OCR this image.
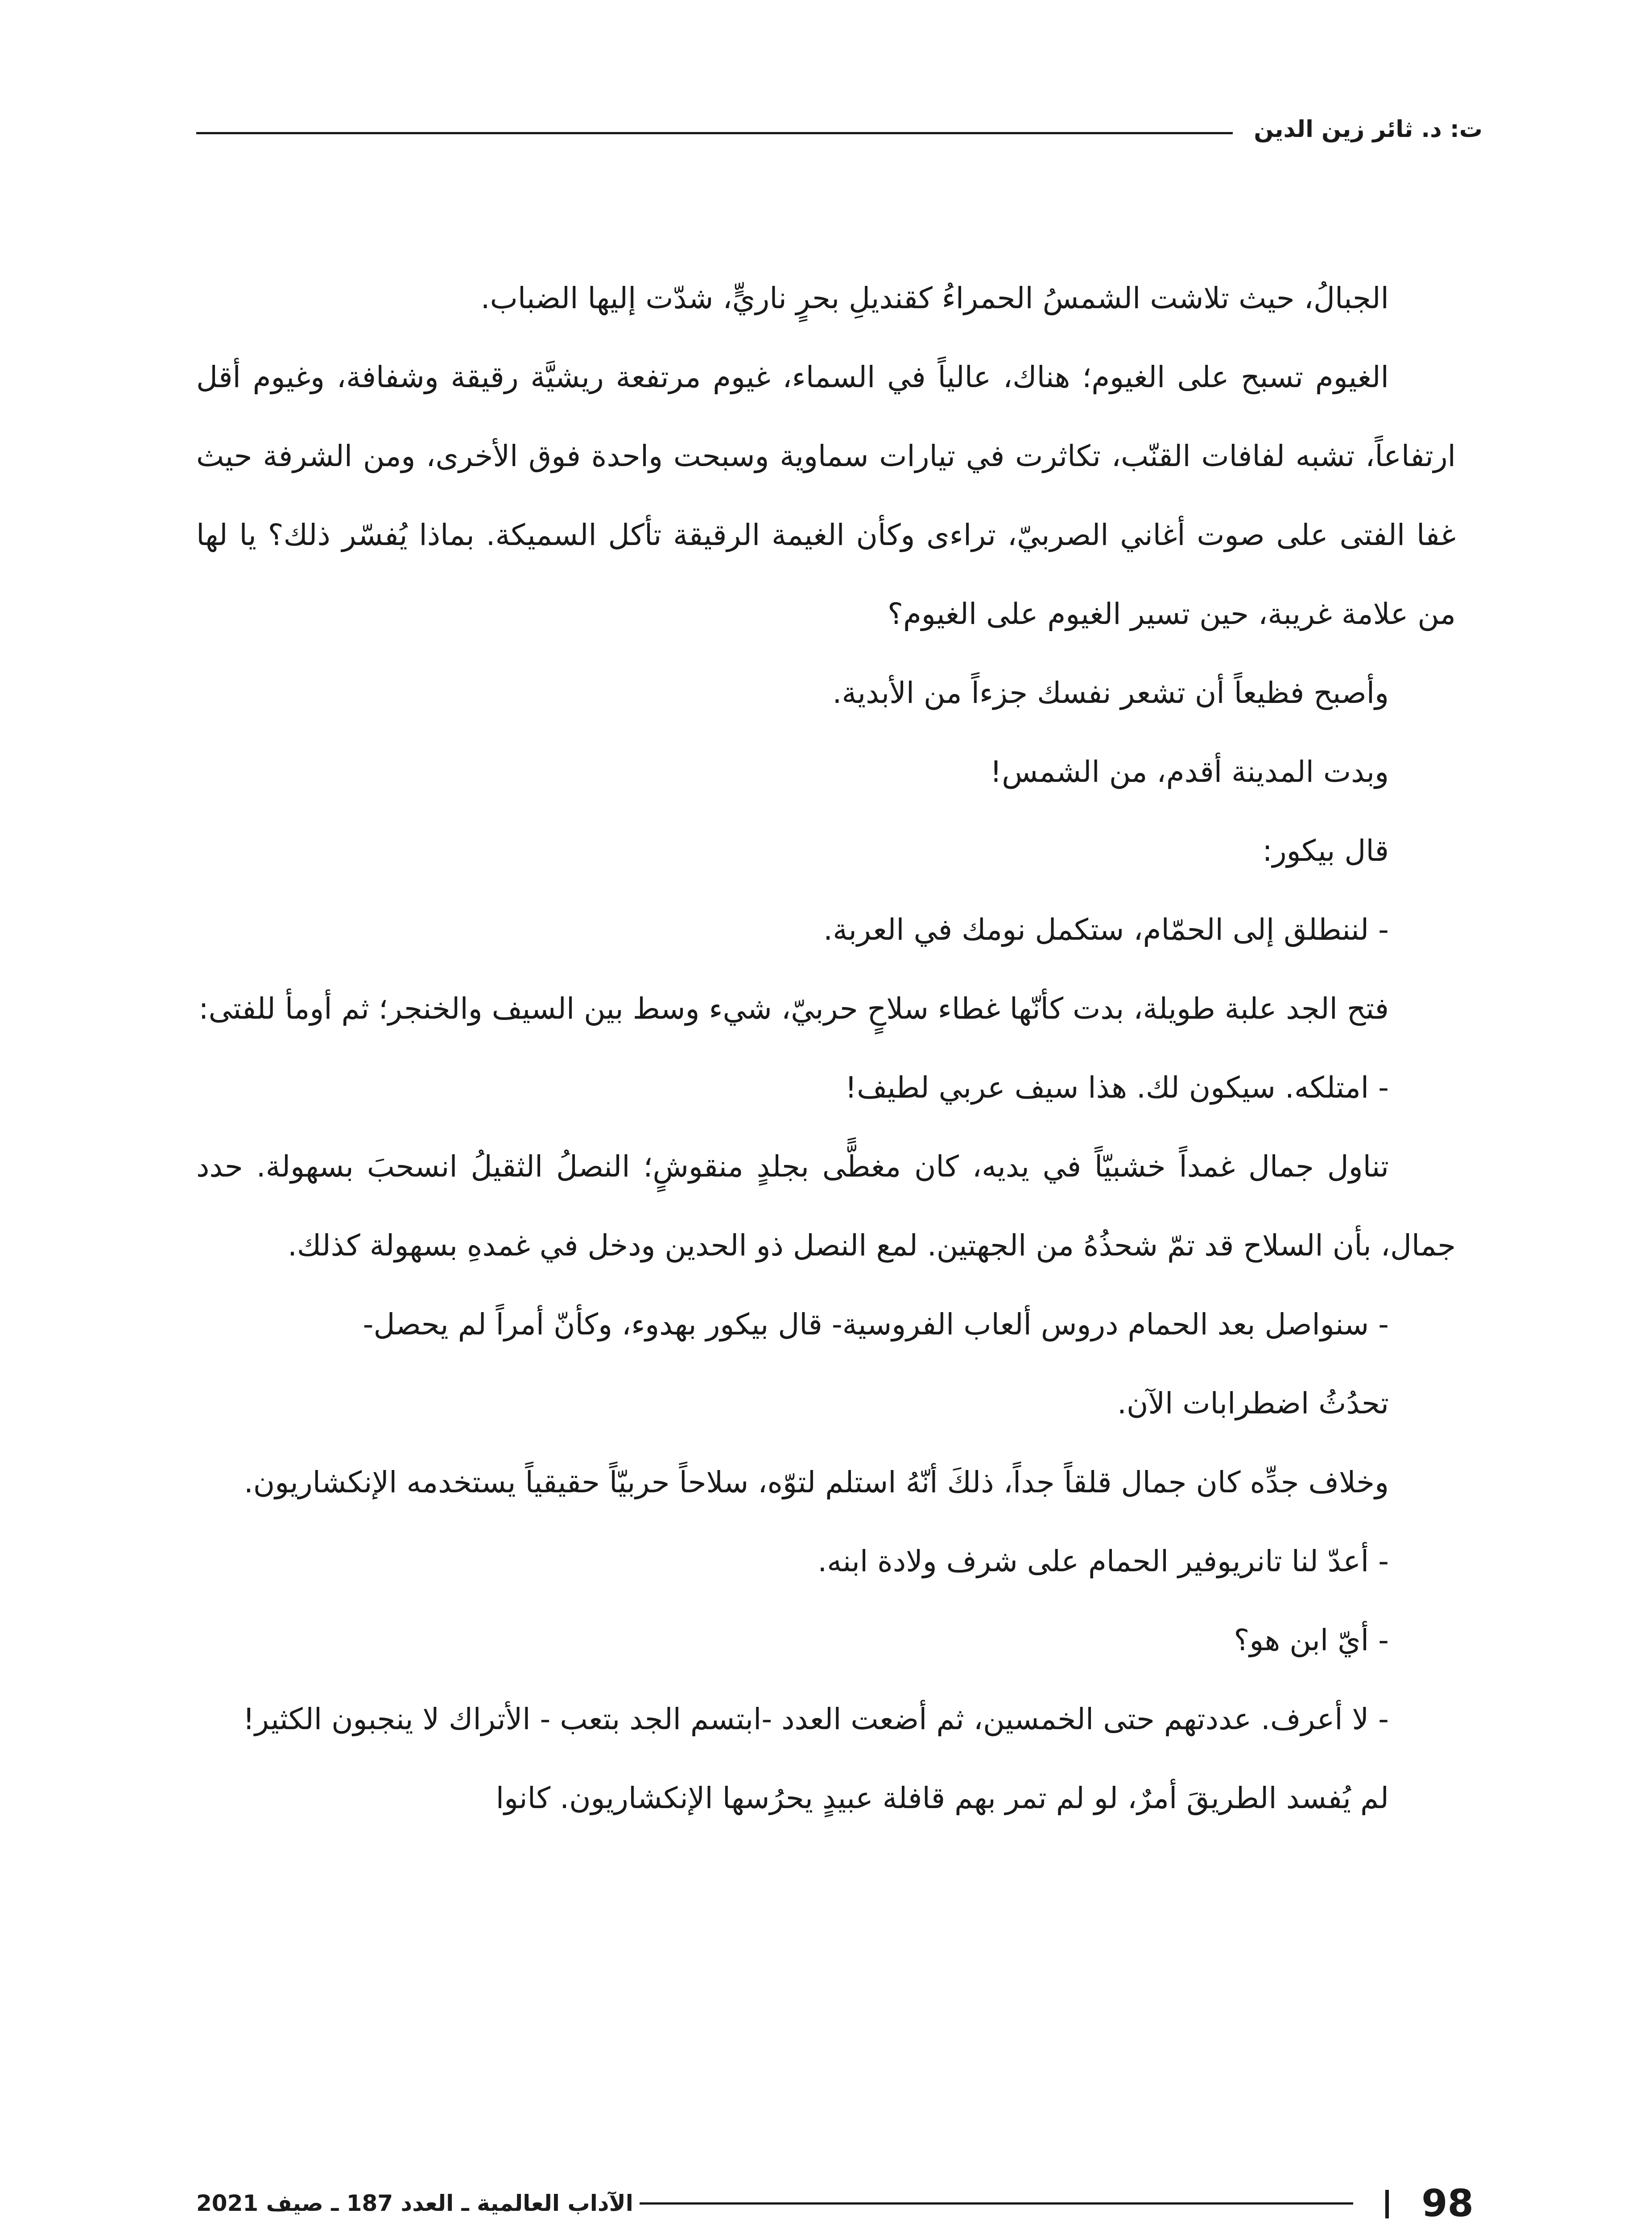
ت: د. ثائر زين الدين

الجبالُ، حيث تلاشت الشمسُ الحمراءُ كقنديلِ بحرٍ ناريٍّ، شدّت إليها الضباب.

الغيوم تسبح على الغيوم؛ هناك، عالياً في السماء، غيوم مرتفعة ريشيَّة رقيقة وشفافة، وغيوم أقل ارتفاعاً، تشبه لفافات القنّب، تكاثرت في تيارات سماوية وسبحت واحدة فوق الأخرى، ومن الشرفة حيث غفا الفتى على صوت أغاني الصربيّ، تراءى وكأن الغيمة الرقيقة تأكل السميكة. بماذا يُفسّر ذلك؟ يا لها من علامة غريبة، حين تسير الغيوم على الغيوم؟

وأصبح فظيعاً أن تشعر نفسك جزءاً من الأبدية.

وبدت المدينة أقدم، من الشمس!

قال بيكور:

- لننطلق إلى الحمّام، ستكمل نومك في العربة.

فتح الجد علبة طويلة، بدت كأنّها غطاء سلاحٍ حربيّ، شيء وسط بين السيف والخنجر؛ ثم أومأ للفتى:

- امتلكه. سيكون لك. هذا سيف عربي لطيف!

تناول جمال غمداً خشبيّاً في يديه، كان مغطًّى بجلدٍ منقوشٍ؛ النصلُ الثقيلُ انسحبَ بسهولة. حدد جمال، بأن السلاح قد تمّ شحذُهُ من الجهتين. لمع النصل ذو الحدين ودخل في غمدهِ بسهولة كذلك.

- سنواصل بعد الحمام دروس ألعاب الفروسية- قال بيكور بهدوء، وكأنّ أمراً لم يحصل-

تحدُثُ اضطرابات الآن.

وخلاف جدِّه كان جمال قلقاً جداً، ذلكَ أنّهُ استلم لتوّه، سلاحاً حربيّاً حقيقياً يستخدمه الإنكشاريون.

- أعدّ لنا تانريوفير الحمام على شرف ولادة ابنه.

- أيّ ابن هو؟

- لا أعرف. عددتهم حتى الخمسين، ثم أضعت العدد -ابتسم الجد بتعب - الأتراك لا ينجبون الكثير!

لم يُفسد الطريقَ أمرٌ، لو لم تمر بهم قافلة عبيدٍ يحرُسها الإنكشاريون. كانوا

98
الآداب العالمية ـ العدد 187 ـ صيف 2021
